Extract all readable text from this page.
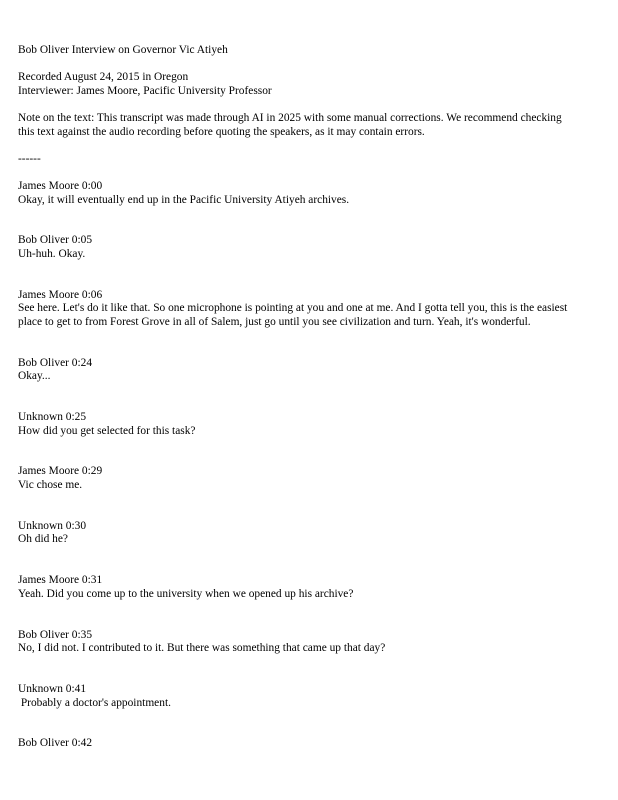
Bob Oliver Interview on Governor Vic Atiyeh

Recorded August 24, 2015 in Oregon

Interviewer: James Moore, Pacific University Professor

Note on the text: This transcript was made through AI in 2025 with some manual corrections. We recommend checking

this text against the audio recording before quoting the speakers, as it may contain errors.

------

James Moore 0:00

Okay, it will eventually end up in the Pacific University Atiyeh archives.

Bob Oliver 0:05

Uh-huh. Okay.

James Moore 0:06

See here. Let's do it like that. So one microphone is pointing at you and one at me. And I gotta tell you, this is the easiest

place to get to from Forest Grove in all of Salem, just go until you see civilization and turn. Yeah, it's wonderful.

Bob Oliver 0:24

Okay...

Unknown 0:25

How did you get selected for this task?

James Moore 0:29

Vic chose me.

Unknown 0:30

Oh did he?

James Moore 0:31

Yeah. Did you come up to the university when we opened up his archive?

Bob Oliver 0:35

No, I did not. I contributed to it. But there was something that came up that day?

Unknown 0:41

Probably a doctor's appointment.

Bob Oliver 0:42
